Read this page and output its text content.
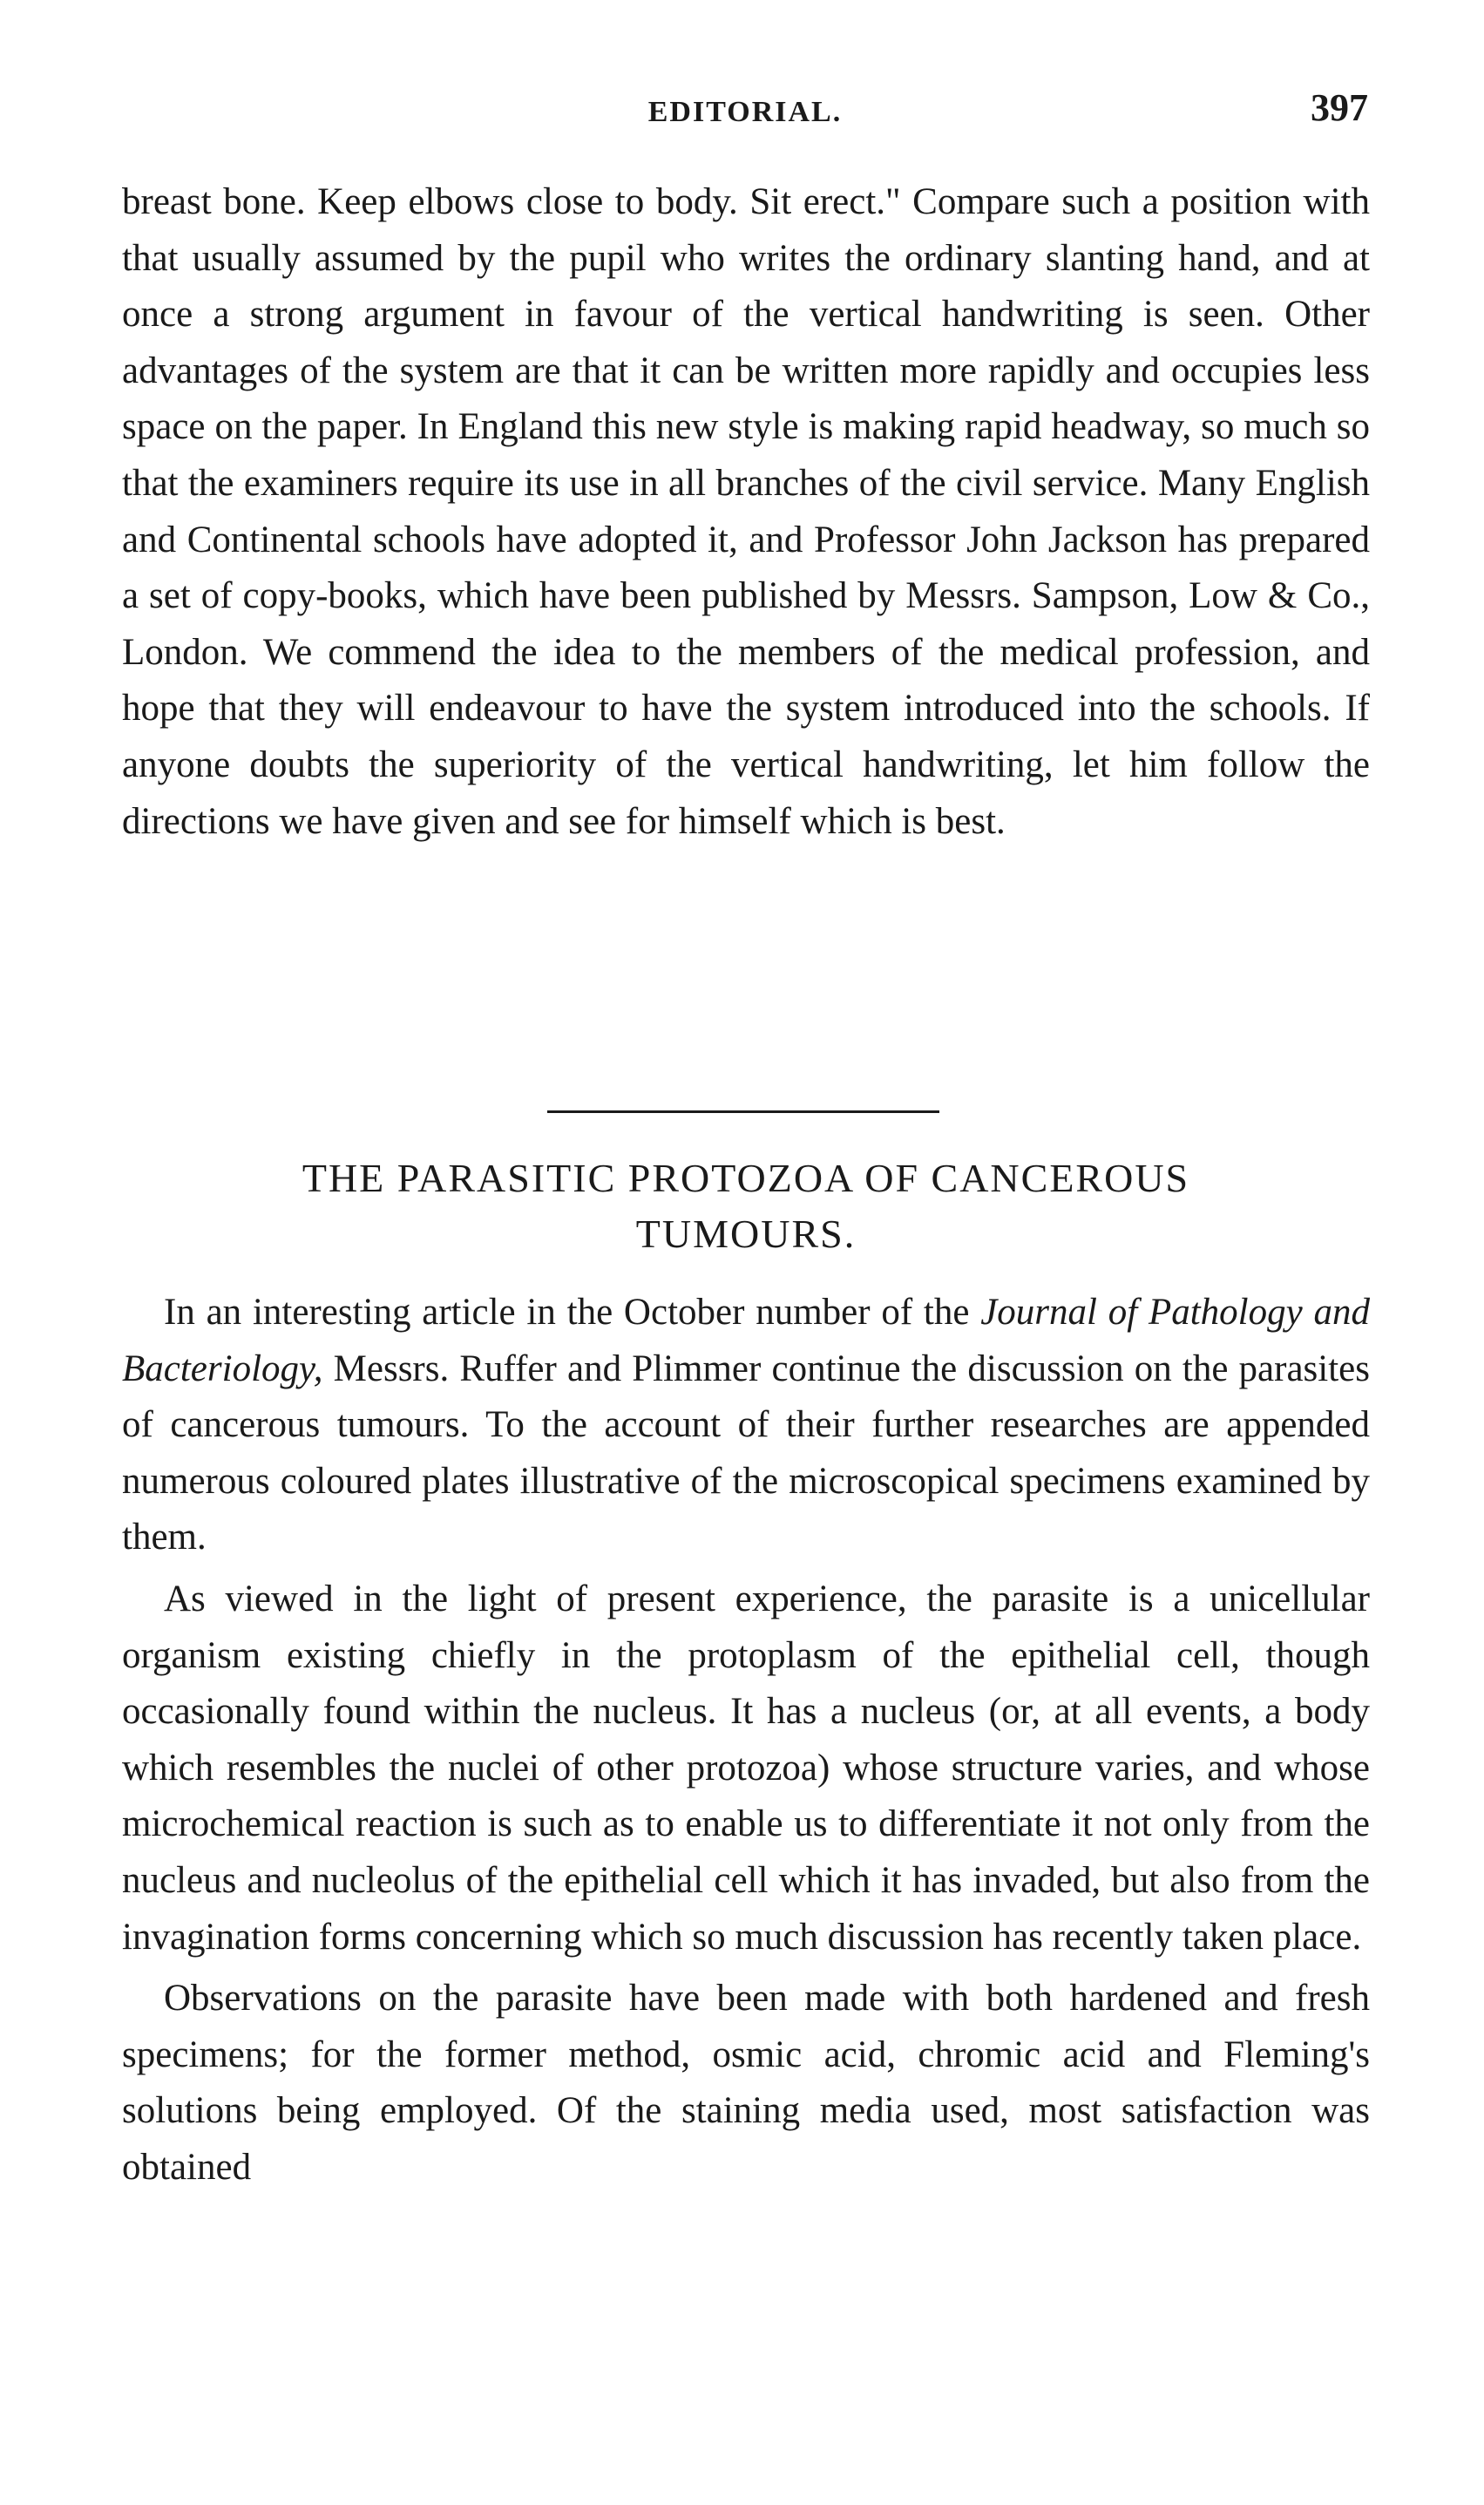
EDITORIAL.	397

breast bone. Keep elbows close to body. Sit erect." Compare such a position with that usually assumed by the pupil who writes the ordinary slanting hand, and at once a strong argument in favour of the vertical handwriting is seen. Other advantages of the system are that it can be written more rapidly and occupies less space on the paper. In England this new style is making rapid headway, so much so that the examiners require its use in all branches of the civil service. Many English and Continental schools have adopted it, and Professor John Jackson has prepared a set of copy-books, which have been published by Messrs. Sampson, Low & Co., London. We commend the idea to the members of the medical profession, and hope that they will endeavour to have the system introduced into the schools. If anyone doubts the superiority of the vertical handwriting, let him follow the directions we have given and see for himself which is best.

THE PARASITIC PROTOZOA OF CANCEROUS
TUMOURS.

In an interesting article in the October number of the Journal of Pathology and Bacteriology, Messrs. Ruffer and Plimmer continue the discussion on the parasites of cancerous tumours. To the account of their further researches are appended numerous coloured plates illustrative of the microscopical specimens examined by them.

As viewed in the light of present experience, the parasite is a unicellular organism existing chiefly in the protoplasm of the epithelial cell, though occasionally found within the nucleus. It has a nucleus (or, at all events, a body which resembles the nuclei of other protozoa) whose structure varies, and whose microchemical reaction is such as to enable us to differentiate it not only from the nucleus and nucleolus of the epithelial cell which it has invaded, but also from the invagination forms concerning which so much discussion has recently taken place.

Observations on the parasite have been made with both hardened and fresh specimens; for the former method, osmic acid, chromic acid and Fleming's solutions being employed. Of the staining media used, most satisfaction was obtained
